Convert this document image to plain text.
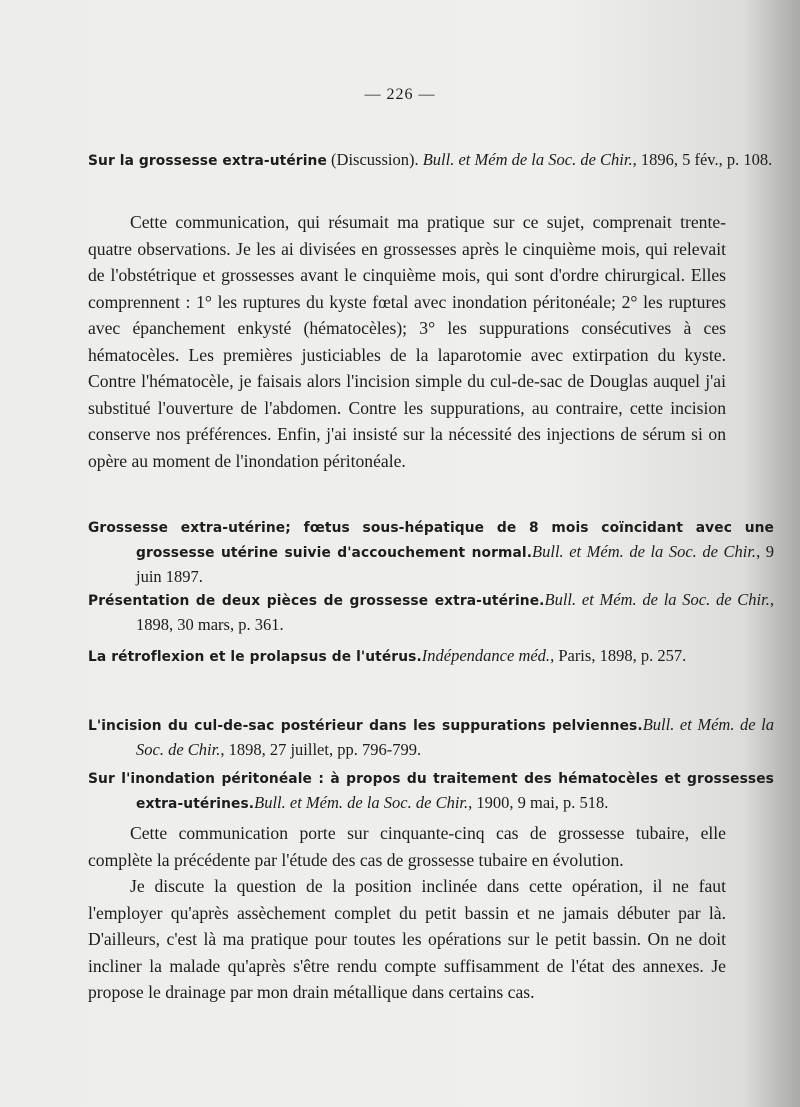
— 226 —
Sur la grossesse extra-utérine (Discussion). Bull. et Mém de la Soc. de Chir., 1896, 5 fév., p. 108.

Cette communication, qui résumait ma pratique sur ce sujet, comprenait trente-quatre observations. Je les ai divisées en grossesses après le cinquième mois, qui relevait de l'obstétrique et grossesses avant le cinquième mois, qui sont d'ordre chirurgical. Elles comprennent : 1° les ruptures du kyste fœtal avec inondation péritonéale; 2° les ruptures avec épanchement enkysté (hématocèles); 3° les suppurations consécutives à ces hématocèles. Les premières justiciables de la laparotomie avec extirpation du kyste. Contre l'hématocèle, je faisais alors l'incision simple du cul-de-sac de Douglas auquel j'ai substitué l'ouverture de l'abdomen. Contre les suppurations, au contraire, cette incision conserve nos préférences. Enfin, j'ai insisté sur la nécessité des injections de sérum si on opère au moment de l'inondation péritonéale.

Grossesse extra-utérine; fœtus sous-hépatique de 8 mois coïncidant avec une grossesse utérine suivie d'accouchement normal.Bull. et Mém. de la Soc. de Chir., 9 juin 1897.
Présentation de deux pièces de grossesse extra-utérine.Bull. et Mém. de la Soc. de Chir., 1898, 30 mars, p. 361.
La rétroflexion et le prolapsus de l'utérus.Indépendance méd., Paris, 1898, p. 257.
L'incision du cul-de-sac postérieur dans les suppurations pelviennes.Bull. et Mém. de la Soc. de Chir., 1898, 27 juillet, pp. 796-799.
Sur l'inondation péritonéale : à propos du traitement des hématocèles et grossesses extra-utérines.Bull. et Mém. de la Soc. de Chir., 1900, 9 mai, p. 518.

Cette communication porte sur cinquante-cinq cas de grossesse tubaire, elle complète la précédente par l'étude des cas de grossesse tubaire en évolution.

Je discute la question de la position inclinée dans cette opération, il ne faut l'employer qu'après assèchement complet du petit bassin et ne jamais débuter par là. D'ailleurs, c'est là ma pratique pour toutes les opérations sur le petit bassin. On ne doit incliner la malade qu'après s'être rendu compte suffisamment de l'état des annexes. Je propose le drainage par mon drain métallique dans certains cas.
